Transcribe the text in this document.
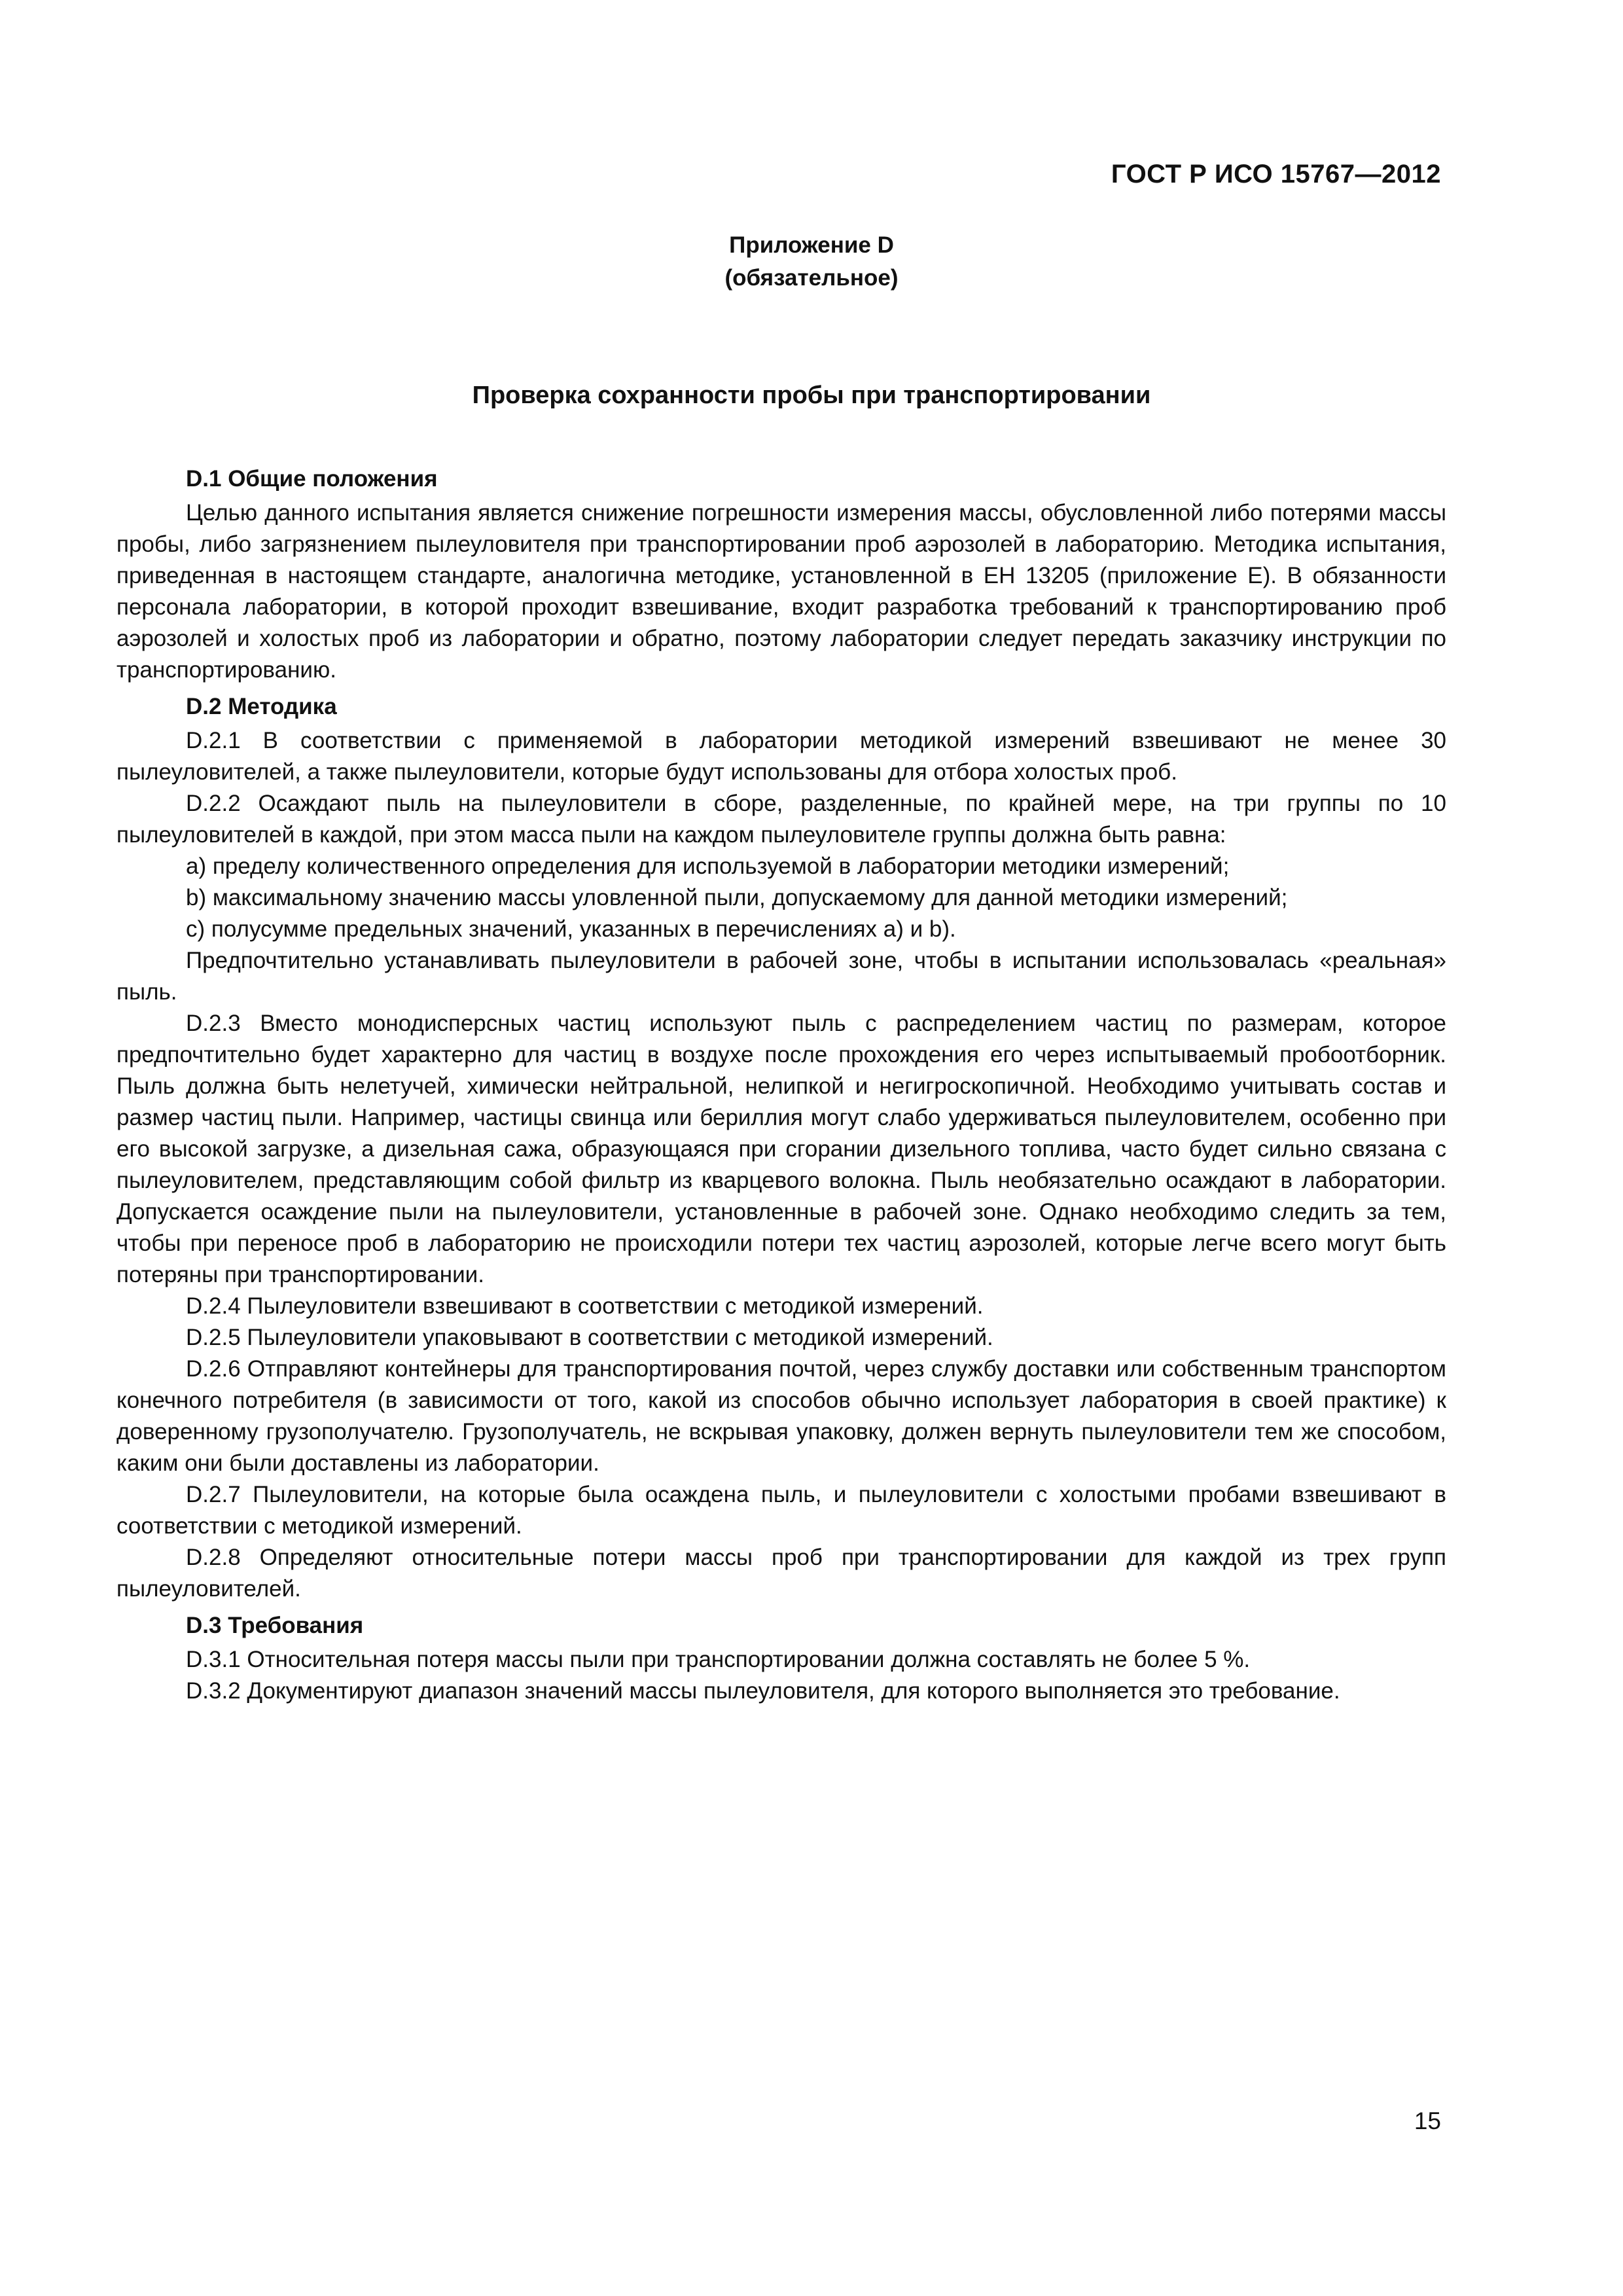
ГОСТ Р ИСО 15767—2012
Приложение D
(обязательное)
Проверка сохранности пробы при транспортировании
D.1 Общие положения

Целью данного испытания является снижение погрешности измерения массы, обусловленной либо потерями массы пробы, либо загрязнением пылеуловителя при транспортировании проб аэрозолей в лабораторию. Методика испытания, приведенная в настоящем стандарте, аналогична методике, установленной в ЕН 13205 (приложение Е). В обязанности персонала лаборатории, в которой проходит взвешивание, входит разработка требований к транспортированию проб аэрозолей и холостых проб из лаборатории и обратно, поэтому лаборатории следует передать заказчику инструкции по транспортированию.

D.2 Методика

D.2.1 В соответствии с применяемой в лаборатории методикой измерений взвешивают не менее 30 пылеуловителей, а также пылеуловители, которые будут использованы для отбора холостых проб.

D.2.2 Осаждают пыль на пылеуловители в сборе, разделенные, по крайней мере, на три группы по 10 пылеуловителей в каждой, при этом масса пыли на каждом пылеуловителе группы должна быть равна:

а) пределу количественного определения для используемой в лаборатории методики измерений;

b) максимальному значению массы уловленной пыли, допускаемому для данной методики измерений;

с) полусумме предельных значений, указанных в перечислениях а) и b).

Предпочтительно устанавливать пылеуловители в рабочей зоне, чтобы в испытании использовалась «реальная» пыль.

D.2.3 Вместо монодисперсных частиц используют пыль с распределением частиц по размерам, которое предпочтительно будет характерно для частиц в воздухе после прохождения его через испытываемый пробоотборник. Пыль должна быть нелетучей, химически нейтральной, нелипкой и негигроскопичной. Необходимо учитывать состав и размер частиц пыли. Например, частицы свинца или бериллия могут слабо удерживаться пылеуловителем, особенно при его высокой загрузке, а дизельная сажа, образующаяся при сгорании дизельного топлива, часто будет сильно связана с пылеуловителем, представляющим собой фильтр из кварцевого волокна. Пыль необязательно осаждают в лаборатории. Допускается осаждение пыли на пылеуловители, установленные в рабочей зоне. Однако необходимо следить за тем, чтобы при переносе проб в лабораторию не происходили потери тех частиц аэрозолей, которые легче всего могут быть потеряны при транспортировании.

D.2.4 Пылеуловители взвешивают в соответствии с методикой измерений.

D.2.5 Пылеуловители упаковывают в соответствии с методикой измерений.

D.2.6 Отправляют контейнеры для транспортирования почтой, через службу доставки или собственным транспортом конечного потребителя (в зависимости от того, какой из способов обычно использует лаборатория в своей практике) к доверенному грузополучателю. Грузополучатель, не вскрывая упаковку, должен вернуть пылеуловители тем же способом, каким они были доставлены из лаборатории.

D.2.7 Пылеуловители, на которые была осаждена пыль, и пылеуловители с холостыми пробами взвешивают в соответствии с методикой измерений.

D.2.8 Определяют относительные потери массы проб при транспортировании для каждой из трех групп пылеуловителей.

D.3 Требования

D.3.1 Относительная потеря массы пыли при транспортировании должна составлять не более 5 %.

D.3.2 Документируют диапазон значений массы пылеуловителя, для которого выполняется это требование.

15
